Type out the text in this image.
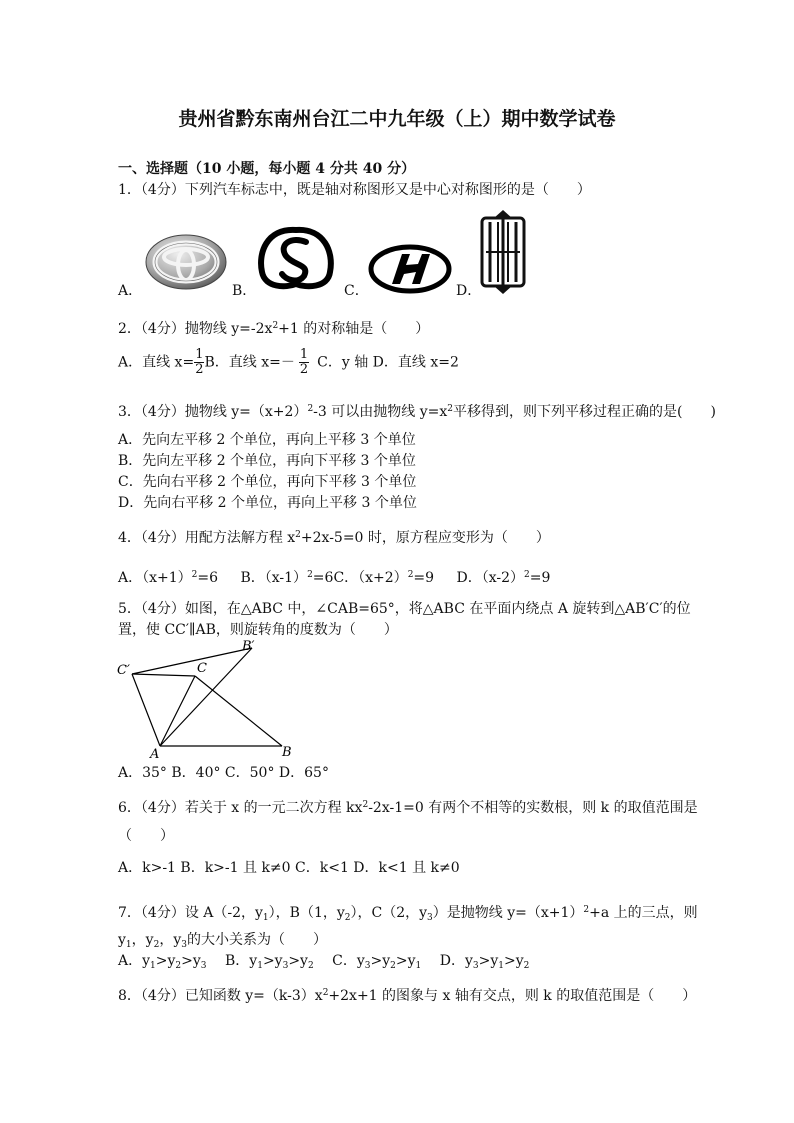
贵州省黔东南州台江二中九年级（上）期中数学试卷
一、选择题（10 小题，每小题 4 分共 40 分）
1．（4分）下列汽车标志中，既是轴对称图形又是中心对称图形的是（　　）
A．	B．	C．	D．
2．（4分）抛物线 $y=-2x^2+1$ 的对称轴是（　　）
A．直线 $x= \frac{1}{2}$ B．直线 $x=- \frac{1}{2}$ C．y 轴 D．直线 x=2
3．（4分）抛物线 $y=(x+2)^2-3$ 可以由抛物线 $y=x^2$平移得到，则下列平移过程正确的是(　　)
A．先向左平移 2 个单位，再向上平移 3 个单位
B．先向左平移 2 个单位，再向下平移 3 个单位
C．先向右平移 2 个单位，再向下平移 3 个单位
D．先向右平移 2 个单位，再向上平移 3 个单位
4．（4分）用配方法解方程 $x^2+2x-5=0$ 时，原方程应变形为（　　）
A．$(x+1)^2=6$ B．$(x-1)^2=6C$．$(x+2)^2=9$ D．$(x-2)^2=9$
5．（4分）如图，在△ABC 中，∠CAB=65°，将△ABC 在平面内绕点 A 旋转到△AB′C′的位
置，使 CC′∥AB，则旋转角的度数为（　　）
B′
C′	C
A	B
A．35° B．40° C．50° D．65°
6．（4分）若关于 x 的一元二次方程 $kx^2-2x-1=0$ 有两个不相等的实数根，则 k 的取值范围是
（　　）
A．k>-1 B．k>-1 且 k≠0 C．k<1 D．k<1 且 k≠0
7．（4分）设 A（-2，$y_1$），B（1，$y_2$），C（2，$y_3$）是抛物线 $y=(x+1)^2+a$ 上的三点，则
$y_1$，$y_2$，$y_3$的大小关系为（　　）
A．$y_1>y_2>y_3$ B．$y_1>y_3>y_2$ C．$y_3>y_2>y_1$ D．$y_3>y_1>y_2$
8．（4分）已知函数 $y=(k-3)x^2+2x+1$ 的图象与 x 轴有交点，则 k 的取值范围是（　　）
